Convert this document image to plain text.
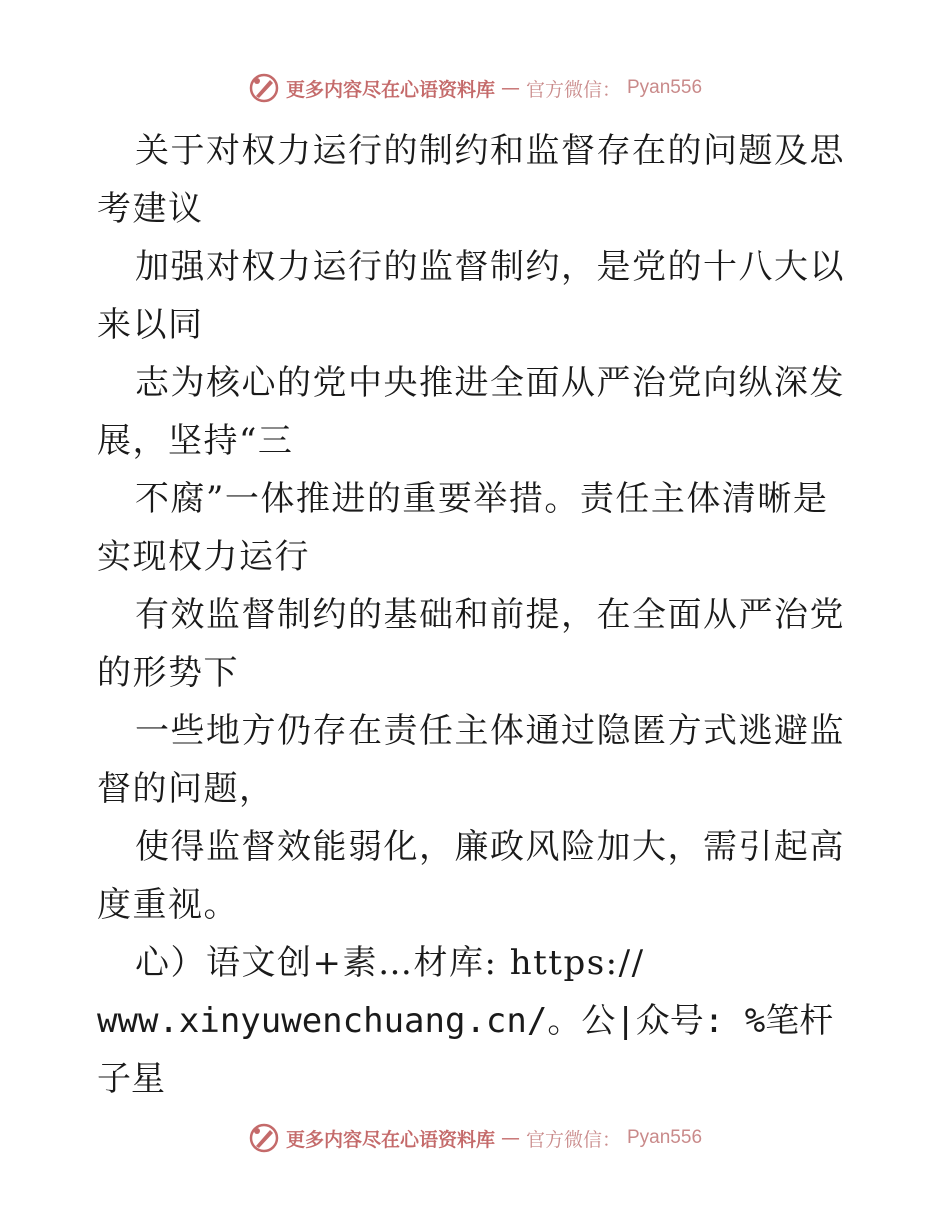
更多内容尽在心语资料库 — 官方微信： Pyan556

关于对权力运行的制约和监督存在的问题及思考建议

加强对权力运行的监督制约，是党的十八大以来以同

志为核心的党中央推进全面从严治党向纵深发展，坚持“三

不腐”一体推进的重要举措。责任主体清晰是实现权力运行

有效监督制约的基础和前提，在全面从严治党的形势下

一些地方仍存在责任主体通过隐匿方式逃避监督的问题，

使得监督效能弱化，廉政风险加大，需引起高度重视。

心）语文创+素…材库: https://

www.xinyuwenchuang.cn/。公|众号: %笔杆子星

更多内容尽在心语资料库 — 官方微信： Pyan556
